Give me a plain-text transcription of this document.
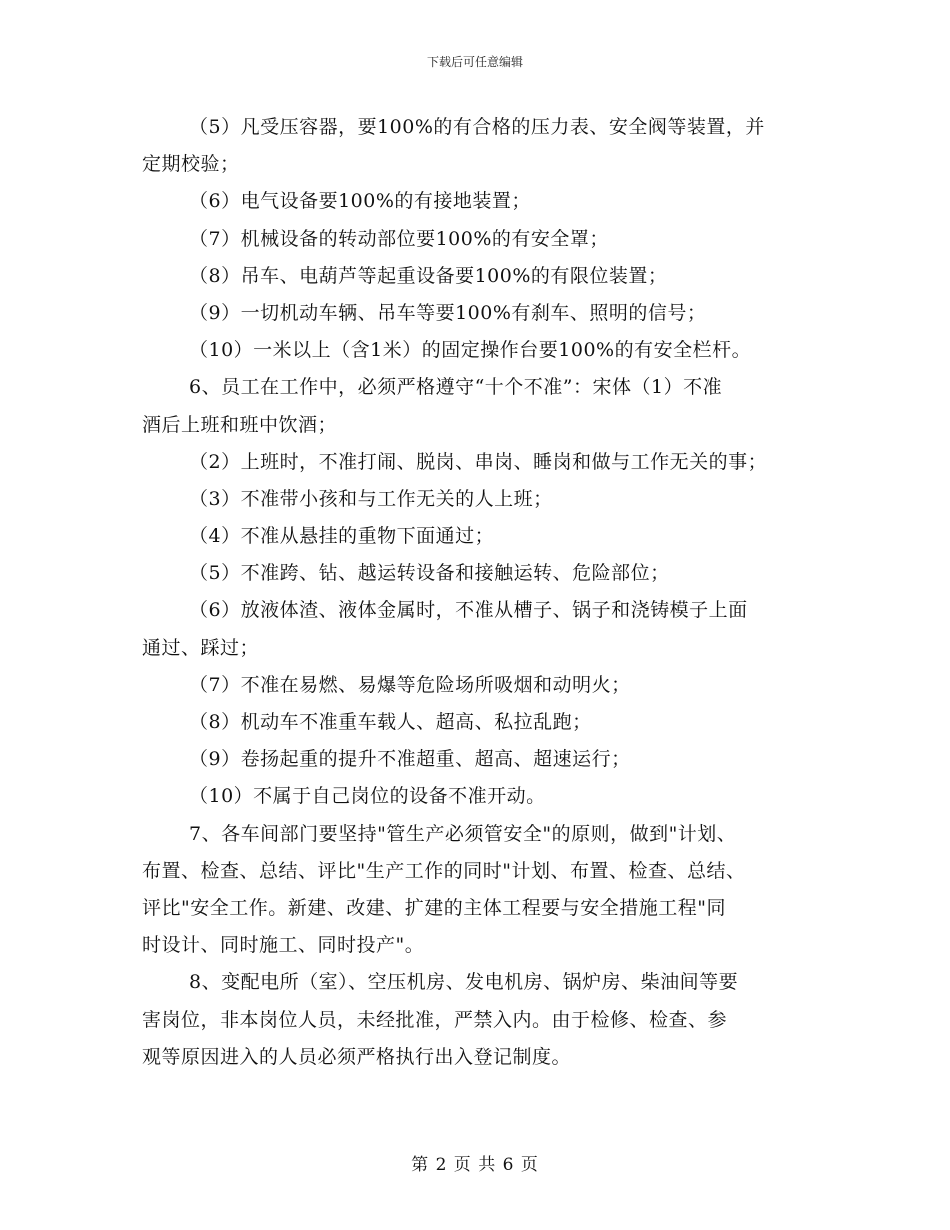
下载后可任意编辑
（5）凡受压容器，要100%的有合格的压力表、安全阀等装置，并
定期校验；
（6）电气设备要100%的有接地装置；
（7）机械设备的转动部位要100%的有安全罩；
（8）吊车、电葫芦等起重设备要100%的有限位装置；
（9）一切机动车辆、吊车等要100%有刹车、照明的信号；
（10）一米以上（含1米）的固定操作台要100%的有安全栏杆。
6、员工在工作中，必须严格遵守“十个不准”：宋体（1）不准
酒后上班和班中饮酒；
（2）上班时，不准打闹、脱岗、串岗、睡岗和做与工作无关的事；
（3）不准带小孩和与工作无关的人上班；
（4）不准从悬挂的重物下面通过；
（5）不准跨、钻、越运转设备和接触运转、危险部位；
（6）放液体渣、液体金属时，不准从槽子、锅子和浇铸模子上面
通过、踩过；
（7）不准在易燃、易爆等危险场所吸烟和动明火；
（8）机动车不准重车载人、超高、私拉乱跑；
（9）卷扬起重的提升不准超重、超高、超速运行；
（10）不属于自己岗位的设备不准开动。
7、各车间部门要坚持"管生产必须管安全"的原则，做到"计划、
布置、检查、总结、评比"生产工作的同时"计划、布置、检查、总结、
评比"安全工作。新建、改建、扩建的主体工程要与安全措施工程"同
时设计、同时施工、同时投产"。
8、变配电所（室）、空压机房、发电机房、锅炉房、柴油间等要
害岗位，非本岗位人员，未经批准，严禁入内。由于检修、检查、参
观等原因进入的人员必须严格执行出入登记制度。
第 2 页 共 6 页
